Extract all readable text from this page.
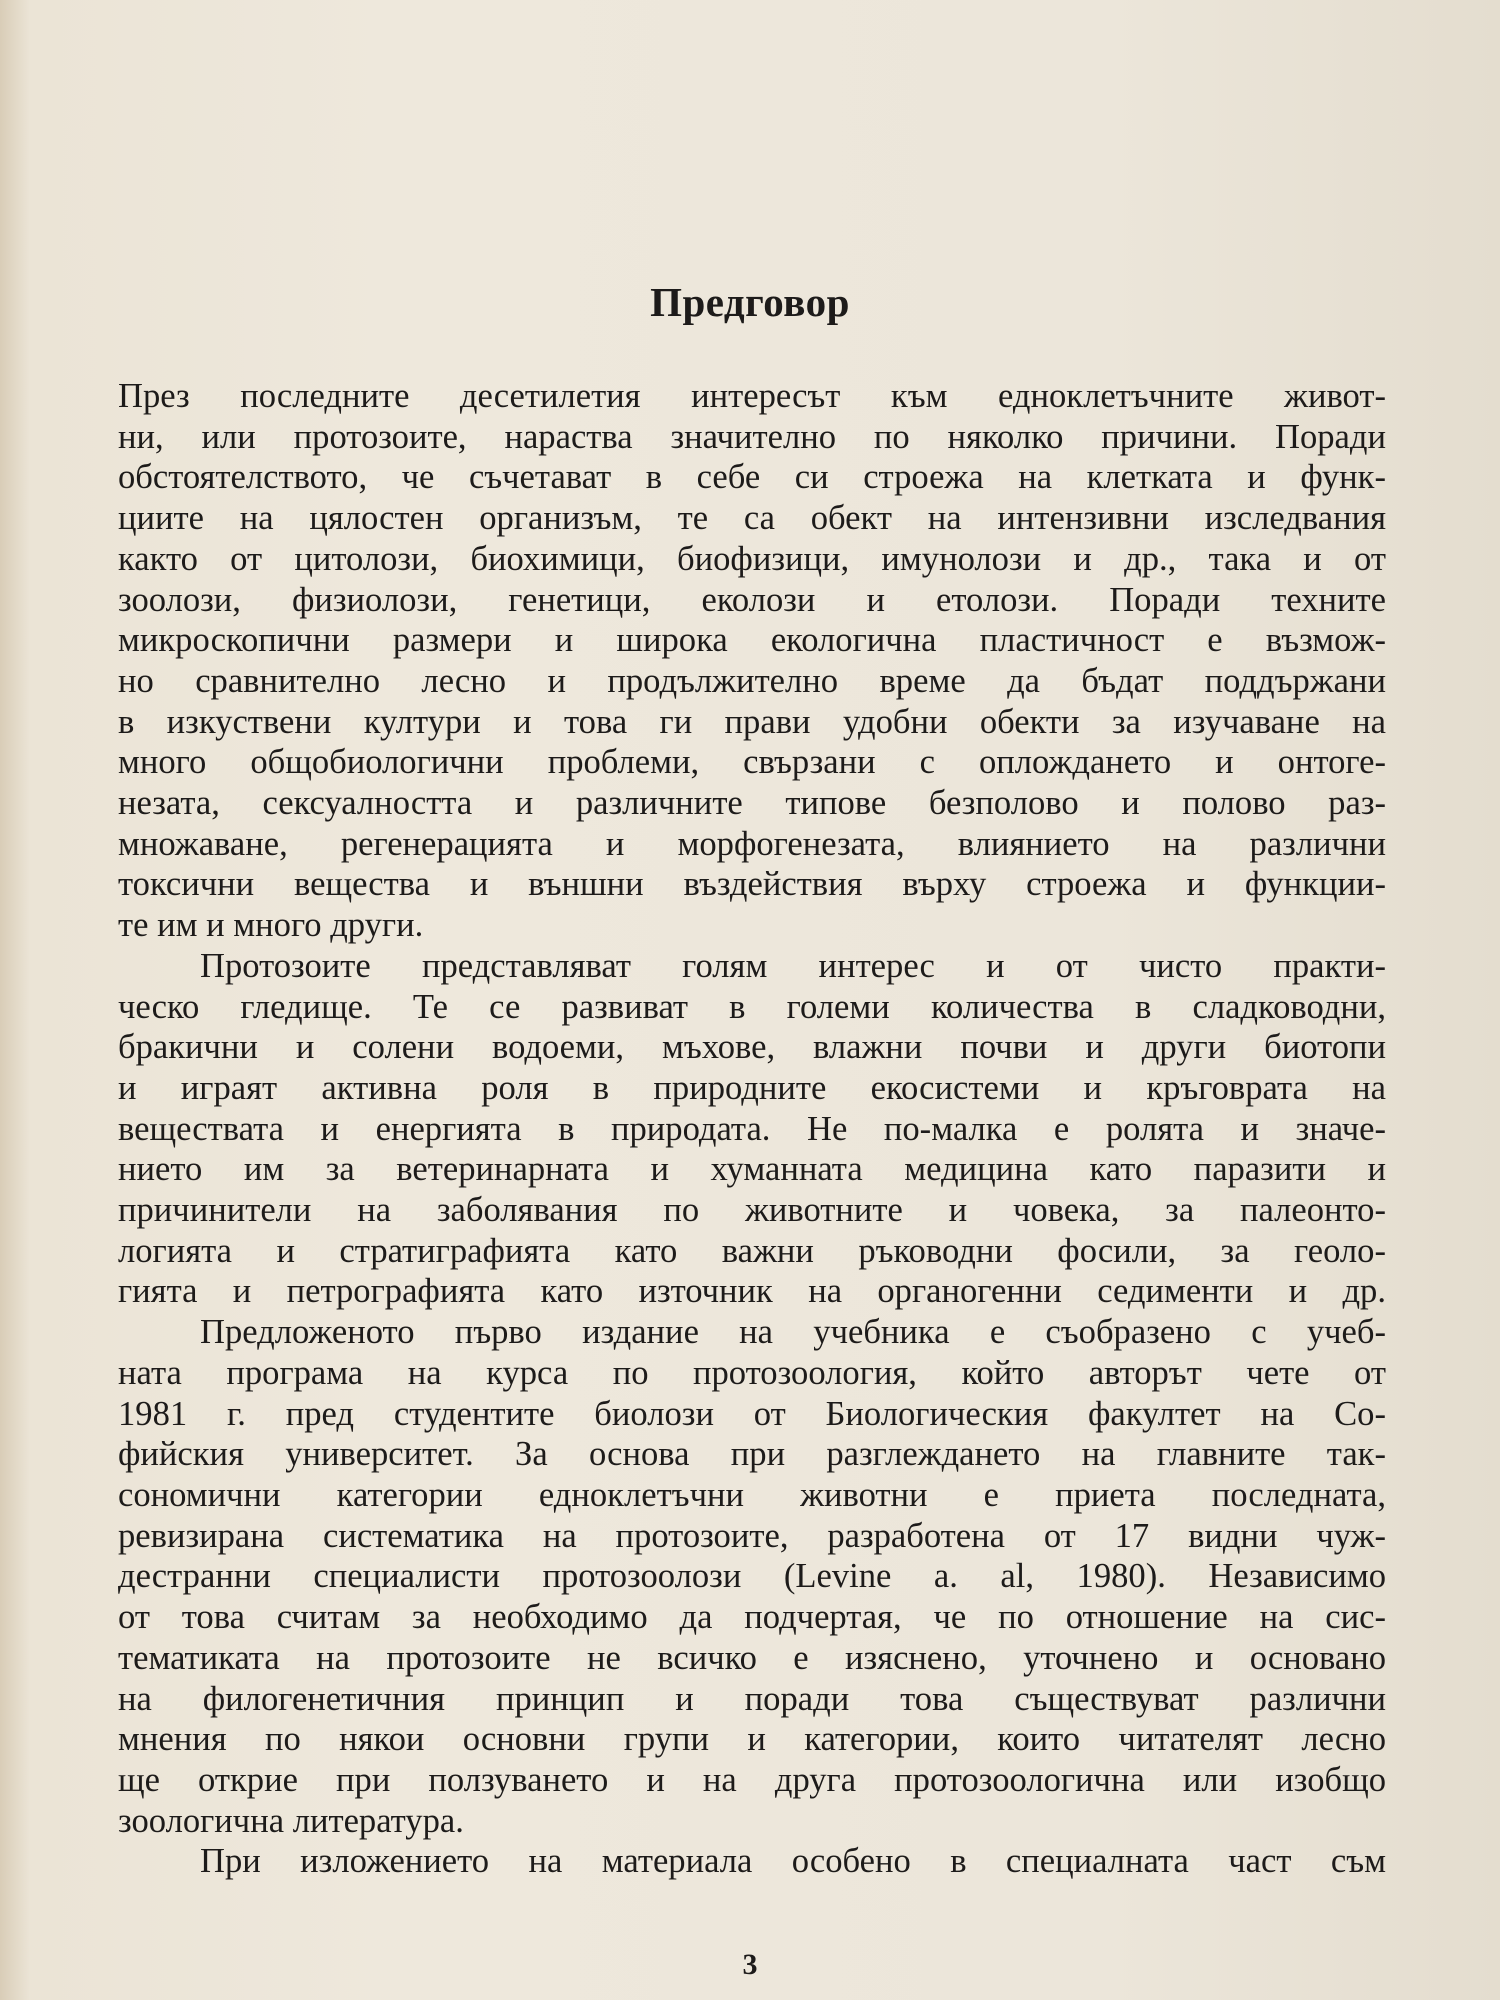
Предговор
През последните десетилетия интересът към едноклетъчните живот-
ни, или протозоите, нараства значително по няколко причини. Поради
обстоятелството, че съчетават в себе си строежа на клетката и функ-
циите на цялостен организъм, те са обект на интензивни изследвания
както от цитолози, биохимици, биофизици, имунолози и др., така и от
зоолози, физиолози, генетици, еколози и етолози. Поради техните
микроскопични размери и широка екологична пластичност е възмож-
но сравнително лесно и продължително време да бъдат поддържани
в изкуствени култури и това ги прави удобни обекти за изучаване на
много общобиологични проблеми, свързани с оплождането и онтоге-
незата, сексуалността и различните типове безполово и полово раз-
множаване, регенерацията и морфогенезата, влиянието на различни
токсични вещества и външни въздействия върху строежа и функции-
те им и много други.
Протозоите представляват голям интерес и от чисто практи-
ческо гледище. Те се развиват в големи количества в сладководни,
бракични и солени водоеми, мъхове, влажни почви и други биотопи
и играят активна роля в природните екосистеми и кръговрата на
веществата и енергията в природата. Не по-малка е ролята и значе-
нието им за ветеринарната и хуманната медицина като паразити и
причинители на заболявания по животните и човека, за палеонто-
логията и стратиграфията като важни ръководни фосили, за геоло-
гията и петрографията като източник на органогенни седименти и др.
Предложеното първо издание на учебника е съобразено с учеб-
ната програма на курса по протозоология, който авторът чете от
1981 г. пред студентите биолози от Биологическия факултет на Со-
фийския университет. За основа при разглеждането на главните так-
сономични категории едноклетъчни животни е приета последната,
ревизирана систематика на протозоите, разработена от 17 видни чуж-
дестранни специалисти протозоолози (Levine a. al, 1980). Независимо
от това считам за необходимо да подчертая, че по отношение на сис-
тематиката на протозоите не всичко е изяснено, уточнено и основано
на филогенетичния принцип и поради това съществуват различни
мнения по някои основни групи и категории, които читателят лесно
ще открие при ползуването и на друга протозоологична или изобщо
зоологична литература.
При изложението на материала особено в специалната част съм
3
